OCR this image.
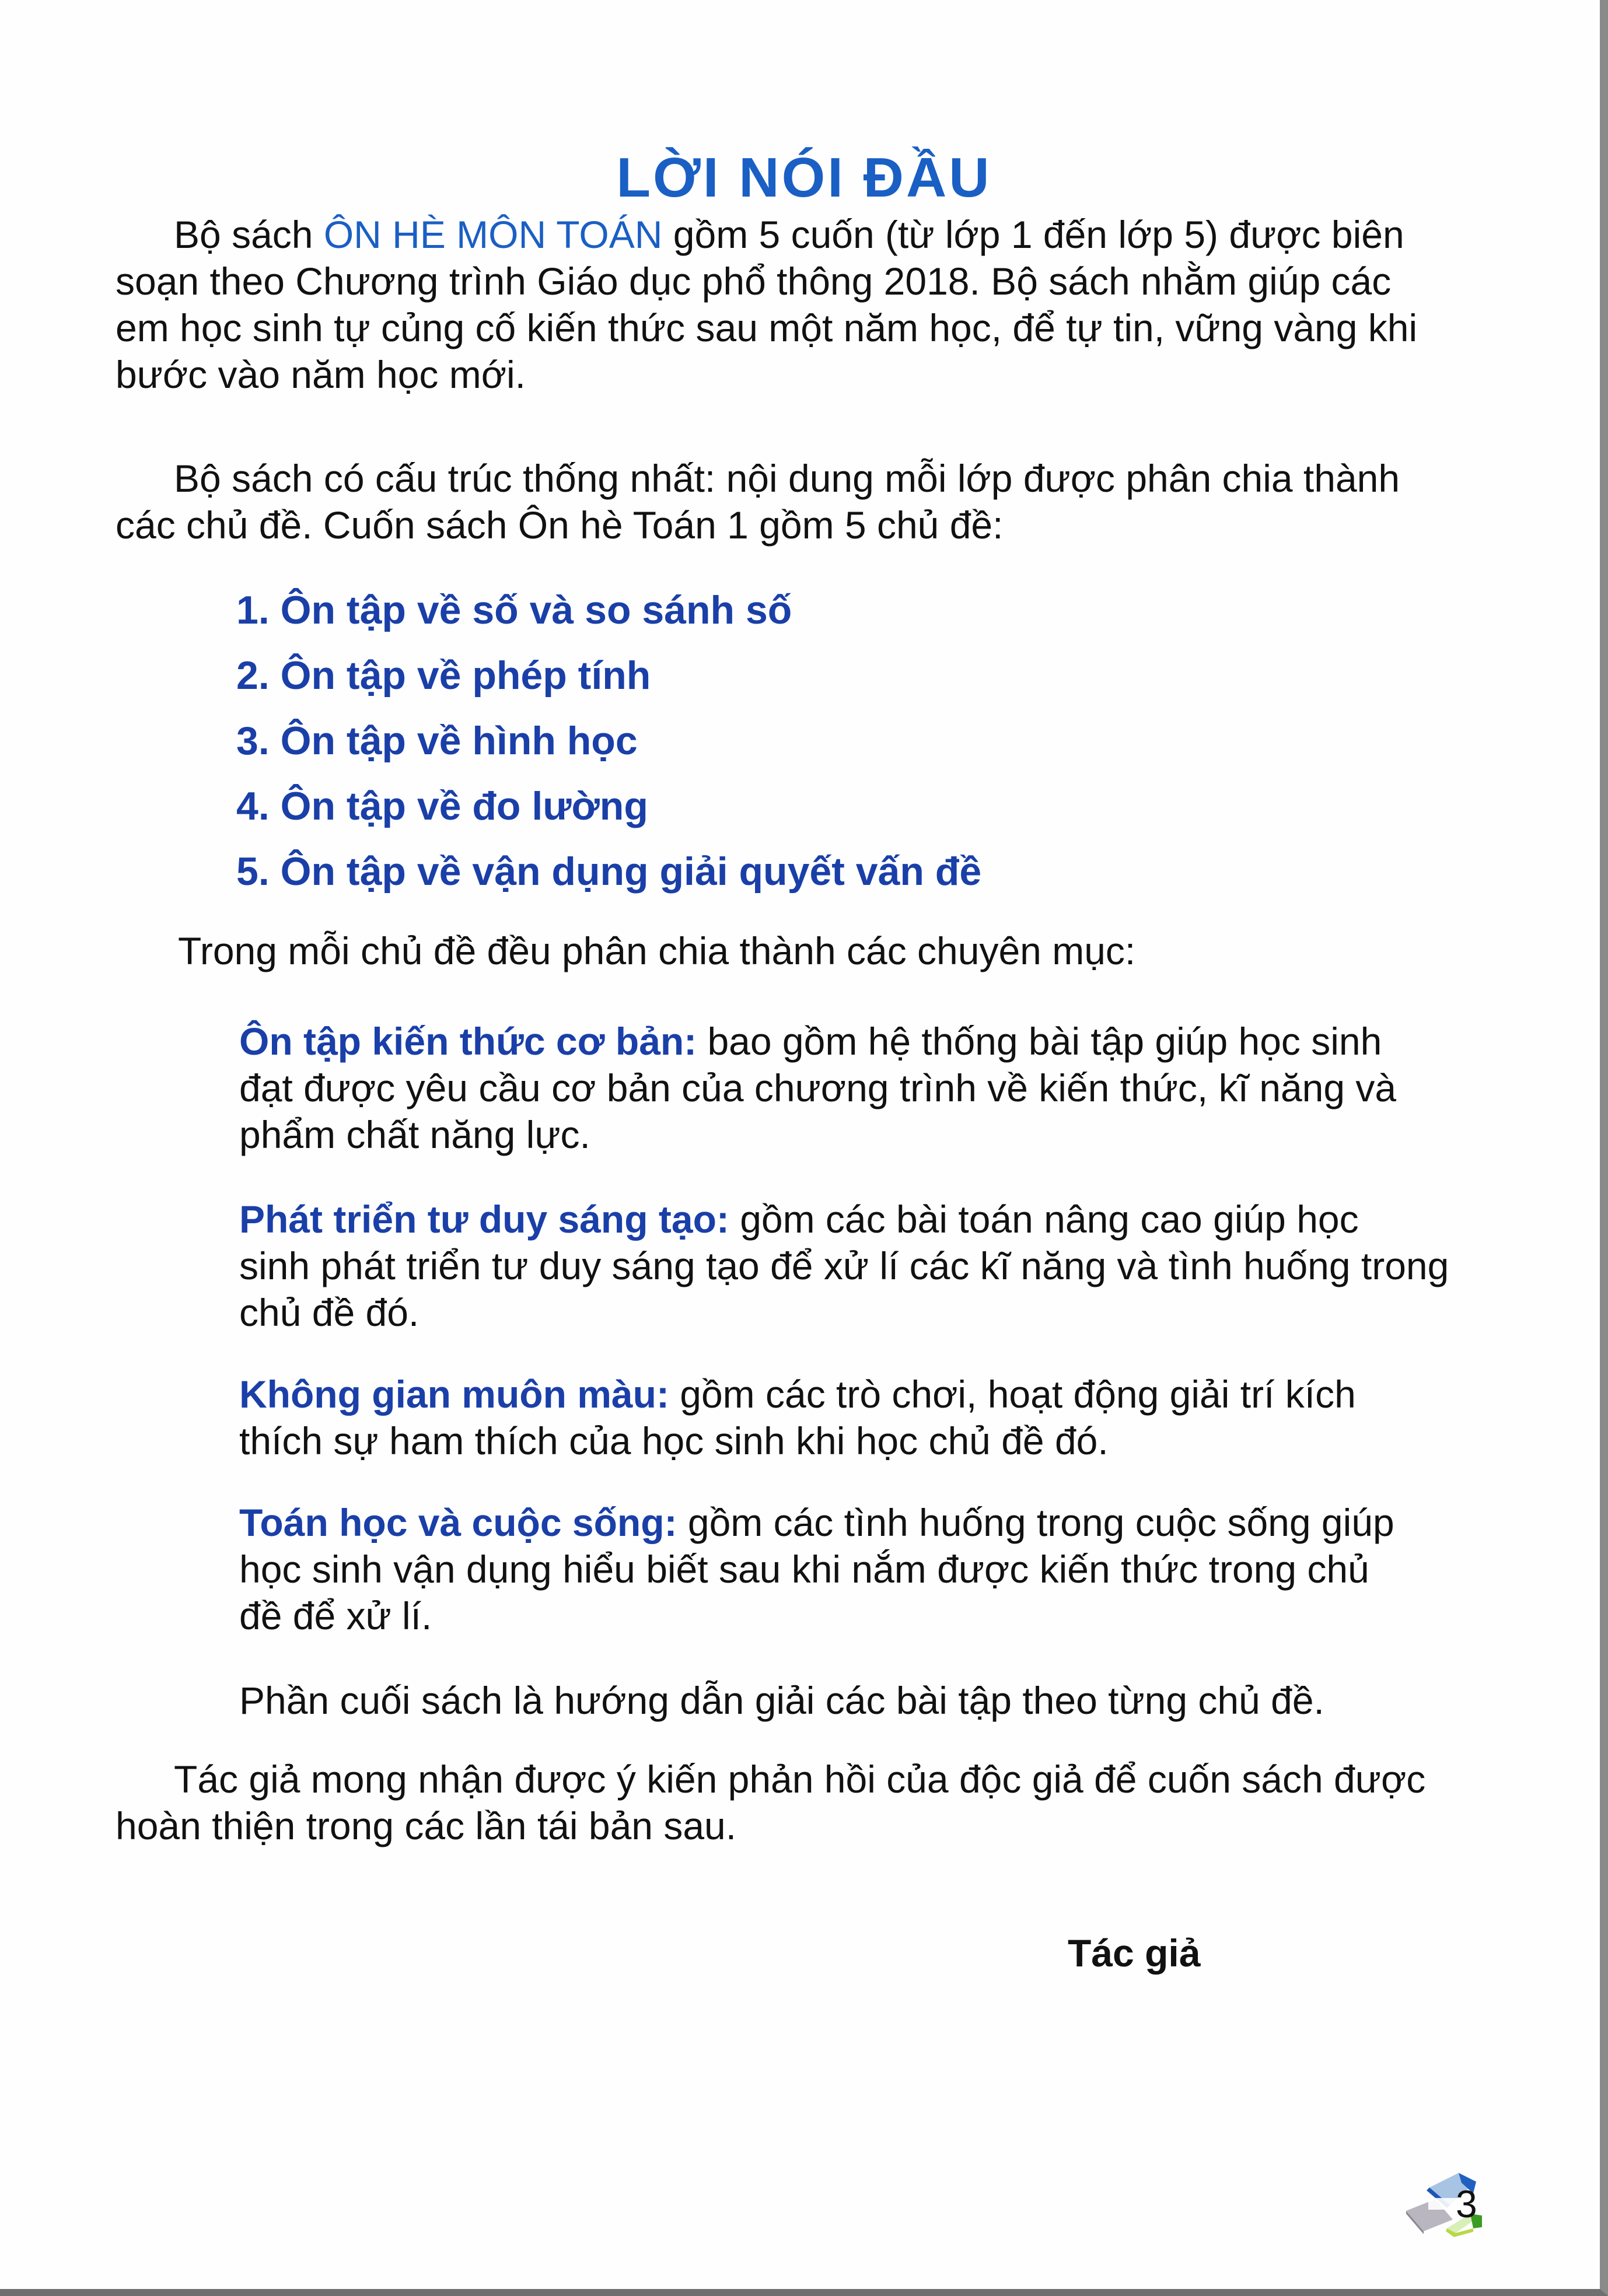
LỜI NÓI ĐẦU
Bộ sách ÔN HÈ MÔN TOÁN gồm 5 cuốn (từ lớp 1 đến lớp 5) được biên
soạn theo Chương trình Giáo dục phổ thông 2018. Bộ sách nhằm giúp các
em học sinh tự củng cố kiến thức sau một năm học, để tự tin, vững vàng khi
bước vào năm học mới.
Bộ sách có cấu trúc thống nhất: nội dung mỗi lớp được phân chia thành
các chủ đề. Cuốn sách Ôn hè Toán 1 gồm 5 chủ đề:
1. Ôn tập về số và so sánh số
2. Ôn tập về phép tính
3. Ôn tập về hình học
4. Ôn tập về đo lường
5. Ôn tập về vận dụng giải quyết vấn đề
Trong mỗi chủ đề đều phân chia thành các chuyên mục:
Ôn tập kiến thức cơ bản: bao gồm hệ thống bài tập giúp học sinh
đạt được yêu cầu cơ bản của chương trình về kiến thức, kĩ năng và
phẩm chất năng lực.
Phát triển tư duy sáng tạo: gồm các bài toán nâng cao giúp học
sinh phát triển tư duy sáng tạo để xử lí các kĩ năng và tình huống trong
chủ đề đó.
Không gian muôn màu: gồm các trò chơi, hoạt động giải trí kích
thích sự ham thích của học sinh khi học chủ đề đó.
Toán học và cuộc sống: gồm các tình huống trong cuộc sống giúp
học sinh vận dụng hiểu biết sau khi nắm được kiến thức trong chủ
đề để xử lí.
Phần cuối sách là hướng dẫn giải các bài tập theo từng chủ đề.
Tác giả mong nhận được ý kiến phản hồi của độc giả để cuốn sách được
hoàn thiện trong các lần tái bản sau.
Tác giả
3
